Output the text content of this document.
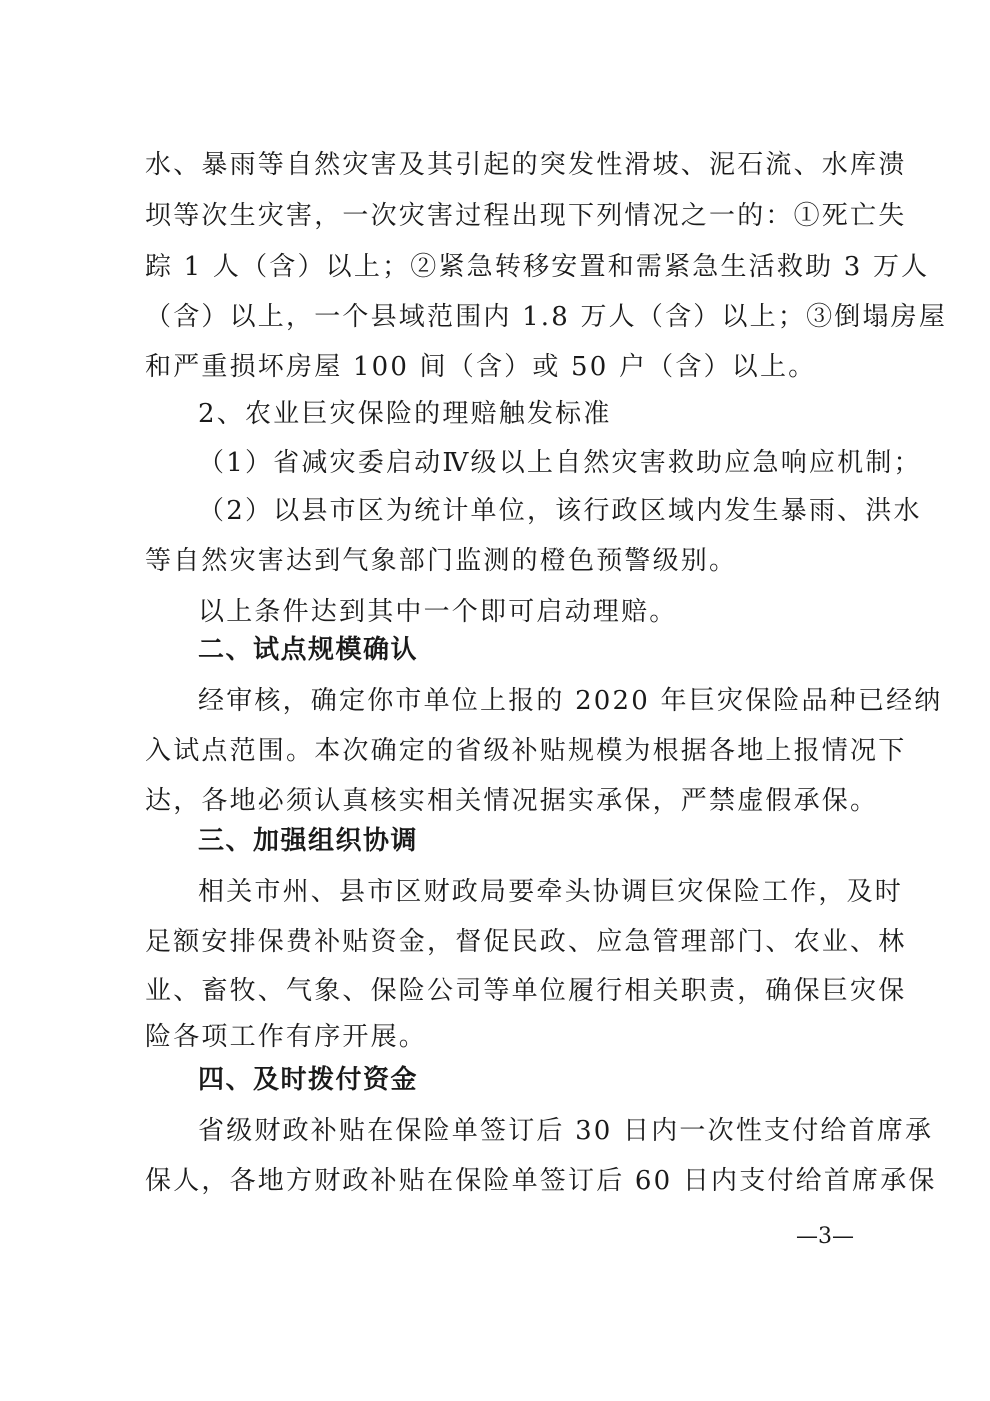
水、暴雨等自然灾害及其引起的突发性滑坡、泥石流、水库溃
坝等次生灾害，一次灾害过程出现下列情况之一的：①死亡失
踪 1 人（含）以上；②紧急转移安置和需紧急生活救助 3 万人
（含）以上，一个县域范围内 1.8 万人（含）以上；③倒塌房屋
和严重损坏房屋 100 间（含）或 50 户（含）以上。
2、农业巨灾保险的理赔触发标准
（1）省减灾委启动Ⅳ级以上自然灾害救助应急响应机制；
（2）以县市区为统计单位，该行政区域内发生暴雨、洪水
等自然灾害达到气象部门监测的橙色预警级别。
以上条件达到其中一个即可启动理赔。
二、试点规模确认
经审核，确定你市单位上报的 2020 年巨灾保险品种已经纳
入试点范围。本次确定的省级补贴规模为根据各地上报情况下
达，各地必须认真核实相关情况据实承保，严禁虚假承保。
三、加强组织协调
相关市州、县市区财政局要牵头协调巨灾保险工作，及时
足额安排保费补贴资金，督促民政、应急管理部门、农业、林
业、畜牧、气象、保险公司等单位履行相关职责，确保巨灾保
险各项工作有序开展。
四、及时拨付资金
省级财政补贴在保险单签订后 30 日内一次性支付给首席承
保人，各地方财政补贴在保险单签订后 60 日内支付给首席承保
—3—
